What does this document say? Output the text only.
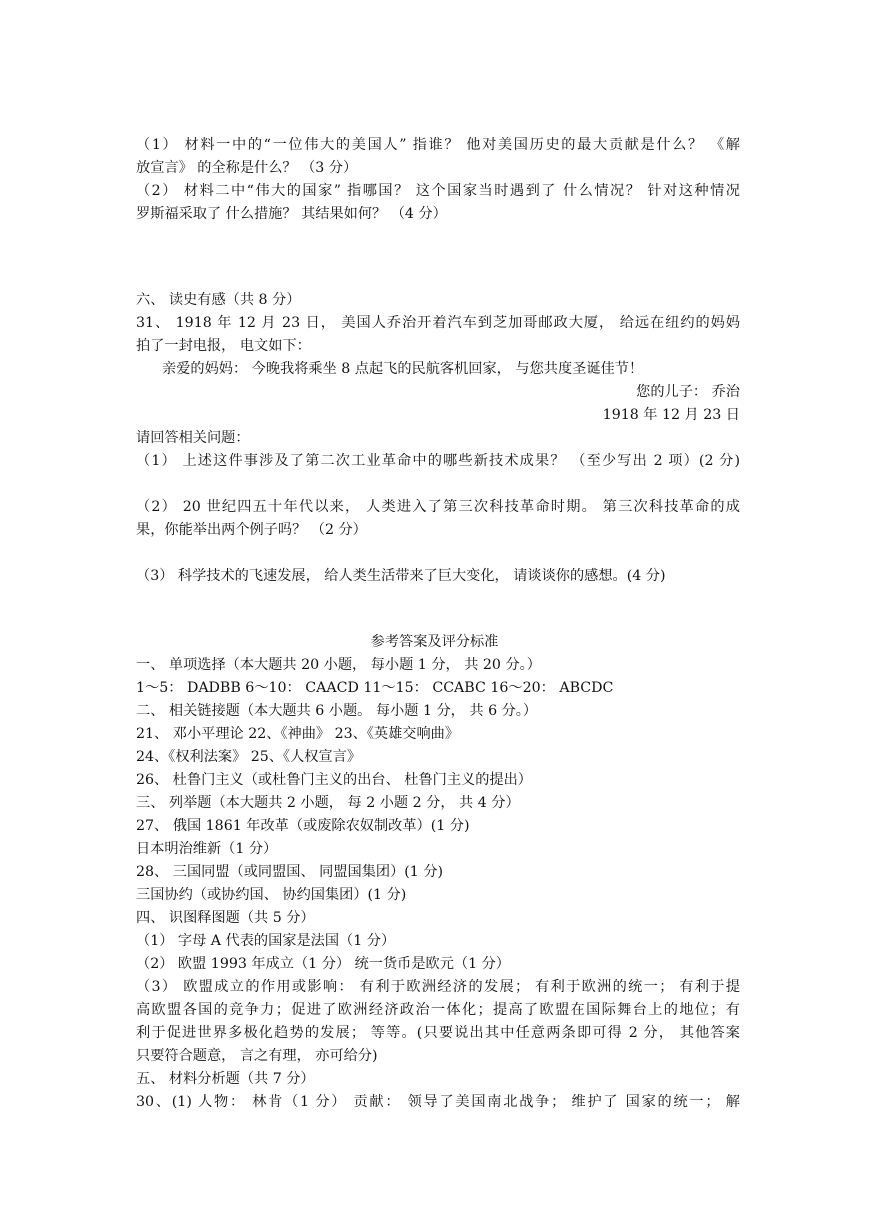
（1） 材料一中的“一位伟大的美国人” 指谁？ 他对美国历史的最大贡献是什么？ 《解
放宣言》 的全称是什么？ （3 分）
（2） 材料二中“伟大的国家” 指哪国？ 这个国家当时遇到了 什么情况？ 针对这种情况
罗斯福采取了 什么措施？ 其结果如何？ （4 分）
六、 读史有感（共 8 分）
31、 1918 年 12 月 23 日， 美国人乔治开着汽车到芝加哥邮政大厦， 给远在纽约的妈妈
拍了一封电报， 电文如下：
亲爱的妈妈： 今晚我将乘坐 8 点起飞的民航客机回家， 与您共度圣诞佳节！
您的儿子： 乔治
1918 年 12 月 23 日
请回答相关问题：
（1） 上述这件事涉及了第二次工业革命中的哪些新技术成果？ （至少写出 2 项）(2 分)
（2） 20 世纪四五十年代以来， 人类进入了第三次科技革命时期。 第三次科技革命的成
果，你能举出两个例子吗？ （2 分）
（3） 科学技术的飞速发展， 给人类生活带来了巨大变化， 请谈谈你的感想。(4 分)
参考答案及评分标准
一、 单项选择（本大题共 20 小题， 每小题 1 分， 共 20 分。）
1～5： DADBB 6～10： CAACD 11～15： CCABC 16～20： ABCDC
二、 相关链接题（本大题共 6 小题。 每小题 1 分， 共 6 分。）
21、 邓小平理论 22、《神曲》 23、《英雄交响曲》
24、《权利法案》 25、《人权宣言》
26、 杜鲁门主义（或杜鲁门主义的出台、 杜鲁门主义的提出）
三、 列举题（本大题共 2 小题， 每 2 小题 2 分， 共 4 分）
27、 俄国 1861 年改革（或废除农奴制改革）(1 分)
日本明治维新（1 分）
28、 三国同盟（或同盟国、 同盟国集团）(1 分)
三国协约（或协约国、 协约国集团）(1 分)
四、 识图释图题（共 5 分）
（1） 字母 A 代表的国家是法国（1 分）
（2） 欧盟 1993 年成立（1 分） 统一货币是欧元（1 分）
（3） 欧盟成立的作用或影响： 有利于欧洲经济的发展； 有利于欧洲的统一； 有利于提
高欧盟各国的竞争力；促进了欧洲经济政治一体化；提高了欧盟在国际舞台上的地位；有
利于促进世界多极化趋势的发展； 等等。(只要说出其中任意两条即可得 2 分， 其他答案
只要符合题意， 言之有理， 亦可给分)
五、 材料分析题（共 7 分）
30、(1) 人物： 林肯（1 分） 贡献： 领导了美国南北战争； 维护了 国家的统一； 解
